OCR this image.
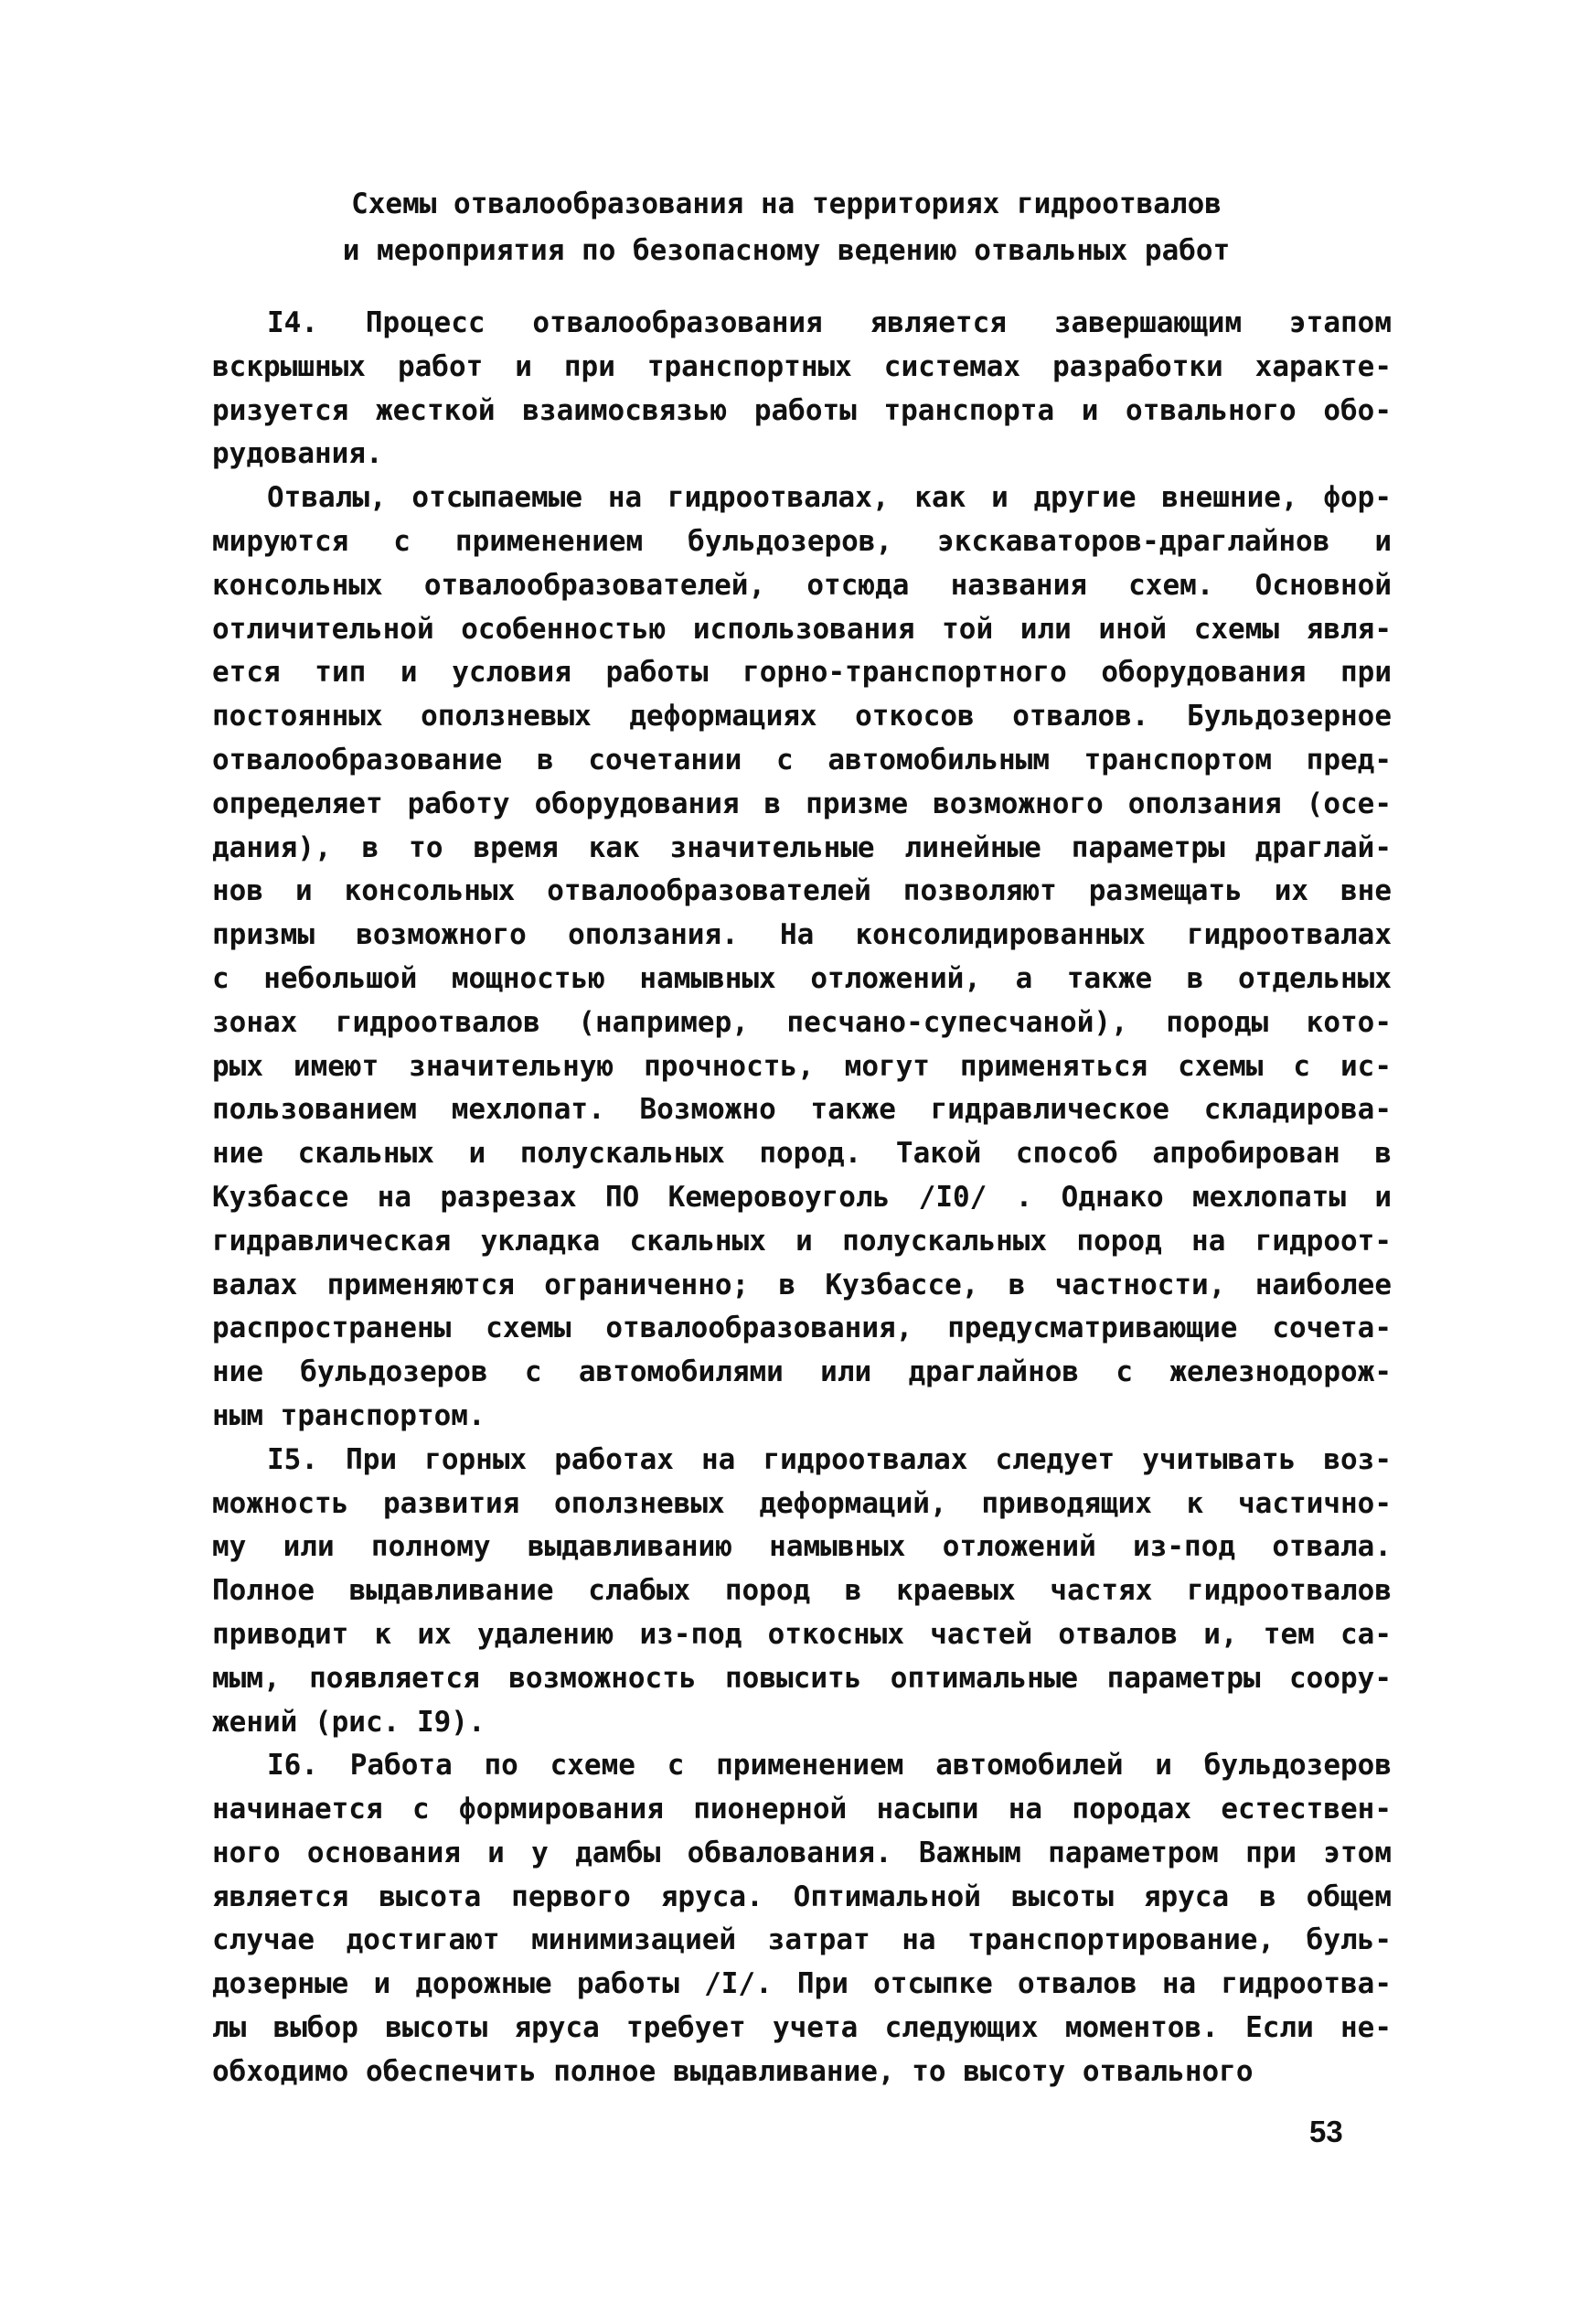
Схемы отвалообразования на территориях гидроотвалов
и мероприятия по безопасному ведению отвальных работ
I4. Процесс отвалообразования является завершающим этапом
вскрышных работ и при транспортных системах разработки характе-
ризуется жесткой взаимосвязью работы транспорта и отвального обо-
рудования.
Отвалы, отсыпаемые на гидроотвалах, как и другие внешние, фор-
мируются с применением бульдозеров, экскаваторов-драглайнов и
консольных отвалообразователей, отсюда названия схем. Основной
отличительной особенностью использования той или иной схемы явля-
ется тип и условия работы горно-транспортного оборудования при
постоянных оползневых деформациях откосов отвалов. Бульдозерное
отвалообразование в сочетании с автомобильным транспортом пред-
определяет работу оборудования в призме возможного оползания (осе-
дания), в то время как значительные линейные параметры драглай-
нов и консольных отвалообразователей позволяют размещать их вне
призмы возможного оползания. На консолидированных гидроотвалах
с небольшой мощностью намывных отложений, а также в отдельных
зонах гидроотвалов (например, песчано-супесчаной), породы кото-
рых имеют значительную прочность, могут применяться схемы с ис-
пользованием мехлопат. Возможно также гидравлическое складирова-
ние скальных и полускальных пород. Такой способ апробирован в
Кузбассе на разрезах ПО Кемеровоуголь /I0/ . Однако мехлопаты и
гидравлическая укладка скальных и полускальных пород на гидроот-
валах применяются ограниченно; в Кузбассе, в частности, наиболее
распространены схемы отвалообразования, предусматривающие сочета-
ние бульдозеров с автомобилями или драглайнов с железнодорож-
ным транспортом.
I5. При горных работах на гидроотвалах следует учитывать воз-
можность развития оползневых деформаций, приводящих к частично-
му или полному выдавливанию намывных отложений из-под отвала.
Полное выдавливание слабых пород в краевых частях гидроотвалов
приводит к их удалению из-под откосных частей отвалов и, тем са-
мым, появляется возможность повысить оптимальные параметры соору-
жений (рис. I9).
I6. Работа по схеме с применением автомобилей и бульдозеров
начинается с формирования пионерной насыпи на породах естествен-
ного основания и у дамбы обвалования. Важным параметром при этом
является высота первого яруса. Оптимальной высоты яруса в общем
случае достигают минимизацией затрат на транспортирование, буль-
дозерные и дорожные работы /I/. При отсыпке отвалов на гидроотва-
лы выбор высоты яруса требует учета следующих моментов. Если не-
обходимо обеспечить полное выдавливание, то высоту отвального
53
